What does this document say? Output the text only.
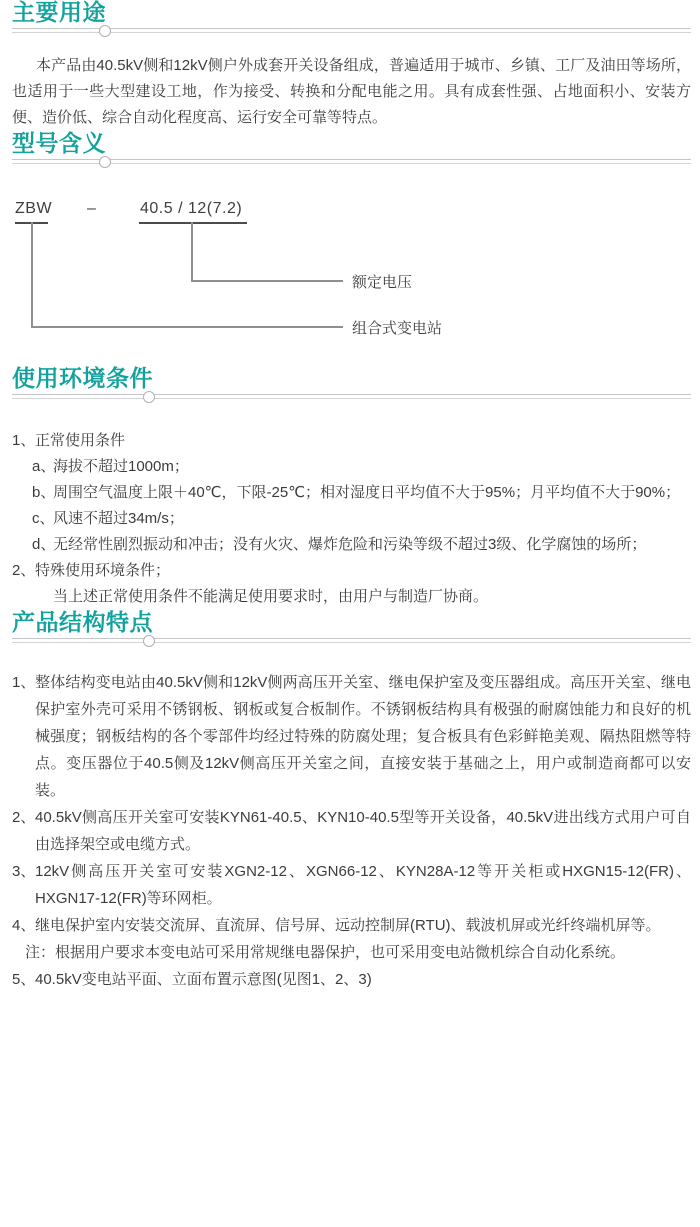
主要用途

本产品由40.5kV侧和12kV侧户外成套开关设备组成，普遍适用于城市、乡镇、工厂及油田等场所，也适用于一些大型建设工地，作为接受、转换和分配电能之用。具有成套性强、占地面积小、安装方便、造价低、综合自动化程度高、运行安全可靠等特点。

型号含义
ZBW –	40.5 / 12(7.2)
额定电压
组合式变电站
使用环境条件
1、正常使用条件
a、海拔不超过1000m；
b、周围空气温度上限＋40℃，下限-25℃；相对湿度日平均值不大于95%；月平均值不大于90%；
c、风速不超过34m/s；
d、无经常性剧烈振动和冲击；没有火灾、爆炸危险和污染等级不超过3级、化学腐蚀的场所；
2、特殊使用环境条件；
当上述正常使用条件不能满足使用要求时，由用户与制造厂协商。
产品结构特点
1、整体结构变电站由40.5kV侧和12kV侧两高压开关室、继电保护室及变压器组成。高压开关室、继电保护室外壳可采用不锈钢板、钢板或复合板制作。不锈钢板结构具有极强的耐腐蚀能力和良好的机械强度；钢板结构的各个零部件均经过特殊的防腐处理；复合板具有色彩鲜艳美观、隔热阻燃等特点。变压器位于40.5侧及12kV侧高压开关室之间，直接安装于基础之上，用户或制造商都可以安装。
2、40.5kV侧高压开关室可安装KYN61-40.5、KYN10-40.5型等开关设备，40.5kV进出线方式用户可自由选择架空或电缆方式。
3、12kV侧高压开关室可安装XGN2-12、XGN66-12、KYN28A-12等开关柜或HXGN15-12(FR)、HXGN17-12(FR)等环网柜。
4、继电保护室内安装交流屏、直流屏、信号屏、远动控制屏(RTU)、载波机屏或光纤终端机屏等。
注：根据用户要求本变电站可采用常规继电器保护，也可采用变电站微机综合自动化系统。
5、40.5kV变电站平面、立面布置示意图(见图1、2、3)
